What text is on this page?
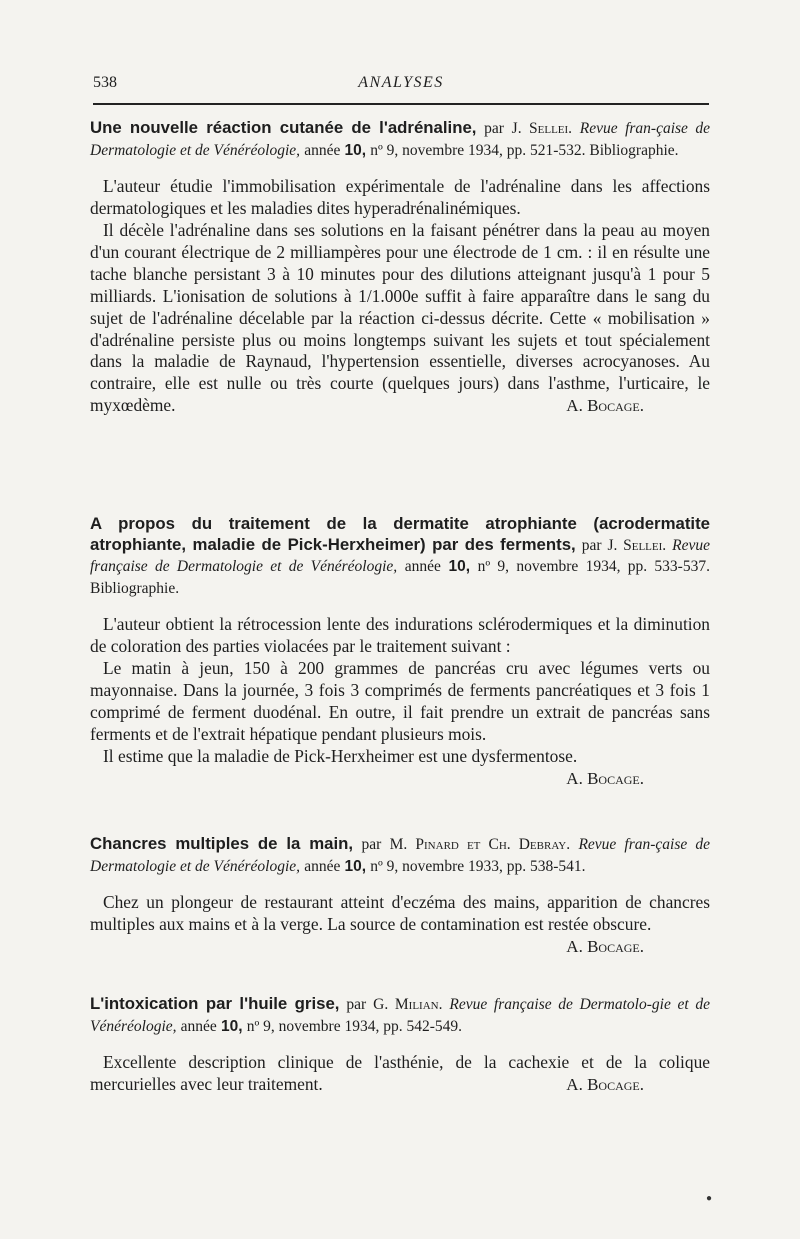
538	ANALYSES

Une nouvelle réaction cutanée de l'adrénaline, par J. Sellei. Revue fran-çaise de Dermatologie et de Vénéréologie, année 10, nº 9, novembre 1934, pp. 521-532. Bibliographie.

L'auteur étudie l'immobilisation expérimentale de l'adrénaline dans les affections dermatologiques et les maladies dites hyperadrénalinémiques.

Il décèle l'adrénaline dans ses solutions en la faisant pénétrer dans la peau au moyen d'un courant électrique de 2 milliampères pour une électrode de 1 cm. : il en résulte une tache blanche persistant 3 à 10 minutes pour des dilutions atteignant jusqu'à 1 pour 5 milliards. L'ionisation de solutions à 1/1.000e suffit à faire apparaître dans le sang du sujet de l'adrénaline décelable par la réaction ci-dessus décrite. Cette « mobilisation » d'adrénaline persiste plus ou moins longtemps suivant les sujets et tout spécialement dans la maladie de Raynaud, l'hypertension essentielle, diverses acrocyanoses. Au contraire, elle est nulle ou très courte (quelques jours) dans l'asthme, l'urticaire, le myxœdème.	A. Bocage.

A propos du traitement de la dermatite atrophiante (acrodermatite atrophiante, maladie de Pick-Herxheimer) par des ferments, par J. Sellei. Revue française de Dermatologie et de Vénéréologie, année 10, nº 9, novembre 1934, pp. 533-537. Bibliographie.

L'auteur obtient la rétrocession lente des indurations sclérodermiques et la diminution de coloration des parties violacées par le traitement suivant :

Le matin à jeun, 150 à 200 grammes de pancréas cru avec légumes verts ou mayonnaise. Dans la journée, 3 fois 3 comprimés de ferments pancréatiques et 3 fois 1 comprimé de ferment duodénal. En outre, il fait prendre un extrait de pancréas sans ferments et de l'extrait hépatique pendant plusieurs mois.

Il estime que la maladie de Pick-Herxheimer est une dysfermentose.

A. Bocage.

Chancres multiples de la main, par M. Pinard et Ch. Debray. Revue fran-çaise de Dermatologie et de Vénéréologie, année 10, nº 9, novembre 1933, pp. 538-541.

Chez un plongeur de restaurant atteint d'eczéma des mains, apparition de chancres multiples aux mains et à la verge. La source de contamination est restée obscure.
A. Bocage.

L'intoxication par l'huile grise, par G. Milian. Revue française de Dermatolo-gie et de Vénéréologie, année 10, nº 9, novembre 1934, pp. 542-549.

Excellente description clinique de l'asthénie, de la cachexie et de la colique mercurielles avec leur traitement.	A. Bocage.

●
